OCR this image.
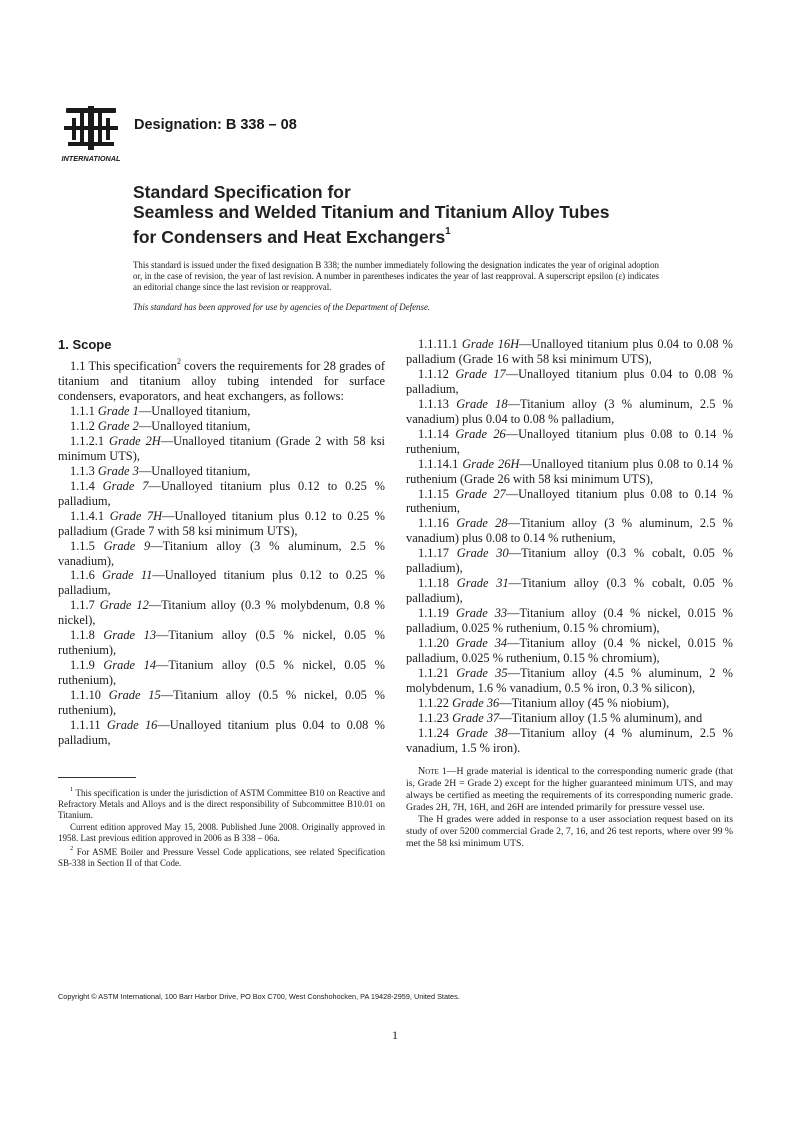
INTERNATIONAL
Designation: B 338 – 08
Standard Specification for
Seamless and Welded Titanium and Titanium Alloy Tubes
for Condensers and Heat Exchangers$^1$
This standard is issued under the fixed designation B 338; the number immediately following the designation indicates the year of original adoption or, in the case of revision, the year of last revision. A number in parentheses indicates the year of last reapproval. A superscript epsilon (ε) indicates an editorial change since the last revision or reapproval.
This standard has been approved for use by agencies of the Department of Defense.
1. Scope

1.1 This specification$^2$ covers the requirements for 28 grades of titanium and titanium alloy tubing intended for surface condensers, evaporators, and heat exchangers, as follows:

1.1.1 Grade 1—Unalloyed titanium,

1.1.2 Grade 2—Unalloyed titanium,

1.1.2.1 Grade 2H—Unalloyed titanium (Grade 2 with 58 ksi minimum UTS),

1.1.3 Grade 3—Unalloyed titanium,

1.1.4 Grade 7—Unalloyed titanium plus 0.12 to 0.25 % palladium,

1.1.4.1 Grade 7H—Unalloyed titanium plus 0.12 to 0.25 % palladium (Grade 7 with 58 ksi minimum UTS),

1.1.5 Grade 9—Titanium alloy (3 % aluminum, 2.5 % vanadium),

1.1.6 Grade 11—Unalloyed titanium plus 0.12 to 0.25 % palladium,

1.1.7 Grade 12—Titanium alloy (0.3 % molybdenum, 0.8 % nickel),

1.1.8 Grade 13—Titanium alloy (0.5 % nickel, 0.05 % ruthenium),

1.1.9 Grade 14—Titanium alloy (0.5 % nickel, 0.05 % ruthenium),

1.1.10 Grade 15—Titanium alloy (0.5 % nickel, 0.05 % ruthenium),

1.1.11 Grade 16—Unalloyed titanium plus 0.04 to 0.08 % palladium,

1.1.11.1 Grade 16H—Unalloyed titanium plus 0.04 to 0.08 % palladium (Grade 16 with 58 ksi minimum UTS),

1.1.12 Grade 17—Unalloyed titanium plus 0.04 to 0.08 % palladium,

1.1.13 Grade 18—Titanium alloy (3 % aluminum, 2.5 % vanadium) plus 0.04 to 0.08 % palladium,

1.1.14 Grade 26—Unalloyed titanium plus 0.08 to 0.14 % ruthenium,

1.1.14.1 Grade 26H—Unalloyed titanium plus 0.08 to 0.14 % ruthenium (Grade 26 with 58 ksi minimum UTS),

1.1.15 Grade 27—Unalloyed titanium plus 0.08 to 0.14 % ruthenium,

1.1.16 Grade 28—Titanium alloy (3 % aluminum, 2.5 % vanadium) plus 0.08 to 0.14 % ruthenium,

1.1.17 Grade 30—Titanium alloy (0.3 % cobalt, 0.05 % palladium),

1.1.18 Grade 31—Titanium alloy (0.3 % cobalt, 0.05 % palladium),

1.1.19 Grade 33—Titanium alloy (0.4 % nickel, 0.015 % palladium, 0.025 % ruthenium, 0.15 % chromium),

1.1.20 Grade 34—Titanium alloy (0.4 % nickel, 0.015 % palladium, 0.025 % ruthenium, 0.15 % chromium),

1.1.21 Grade 35—Titanium alloy (4.5 % aluminum, 2 % molybdenum, 1.6 % vanadium, 0.5 % iron, 0.3 % silicon),

1.1.22 Grade 36—Titanium alloy (45 % niobium),

1.1.23 Grade 37—Titanium alloy (1.5 % aluminum), and

1.1.24 Grade 38—Titanium alloy (4 % aluminum, 2.5 % vanadium, 1.5 % iron).

Note 1—H grade material is identical to the corresponding numeric grade (that is, Grade 2H = Grade 2) except for the higher guaranteed minimum UTS, and may always be certified as meeting the requirements of its corresponding numeric grade. Grades 2H, 7H, 16H, and 26H are intended primarily for pressure vessel use.

The H grades were added in response to a user association request based on its study of over 5200 commercial Grade 2, 7, 16, and 26 test reports, where over 99 % met the 58 ksi minimum UTS.

$^1$ This specification is under the jurisdiction of ASTM Committee B10 on Reactive and Refractory Metals and Alloys and is the direct responsibility of Subcommittee B10.01 on Titanium.

Current edition approved May 15, 2008. Published June 2008. Originally approved in 1958. Last previous edition approved in 2006 as B 338 – 06a.

$^2$ For ASME Boiler and Pressure Vessel Code applications, see related Specification SB-338 in Section II of that Code.

Copyright © ASTM International, 100 Barr Harbor Drive, PO Box C700, West Conshohocken, PA 19428-2959, United States.
1
